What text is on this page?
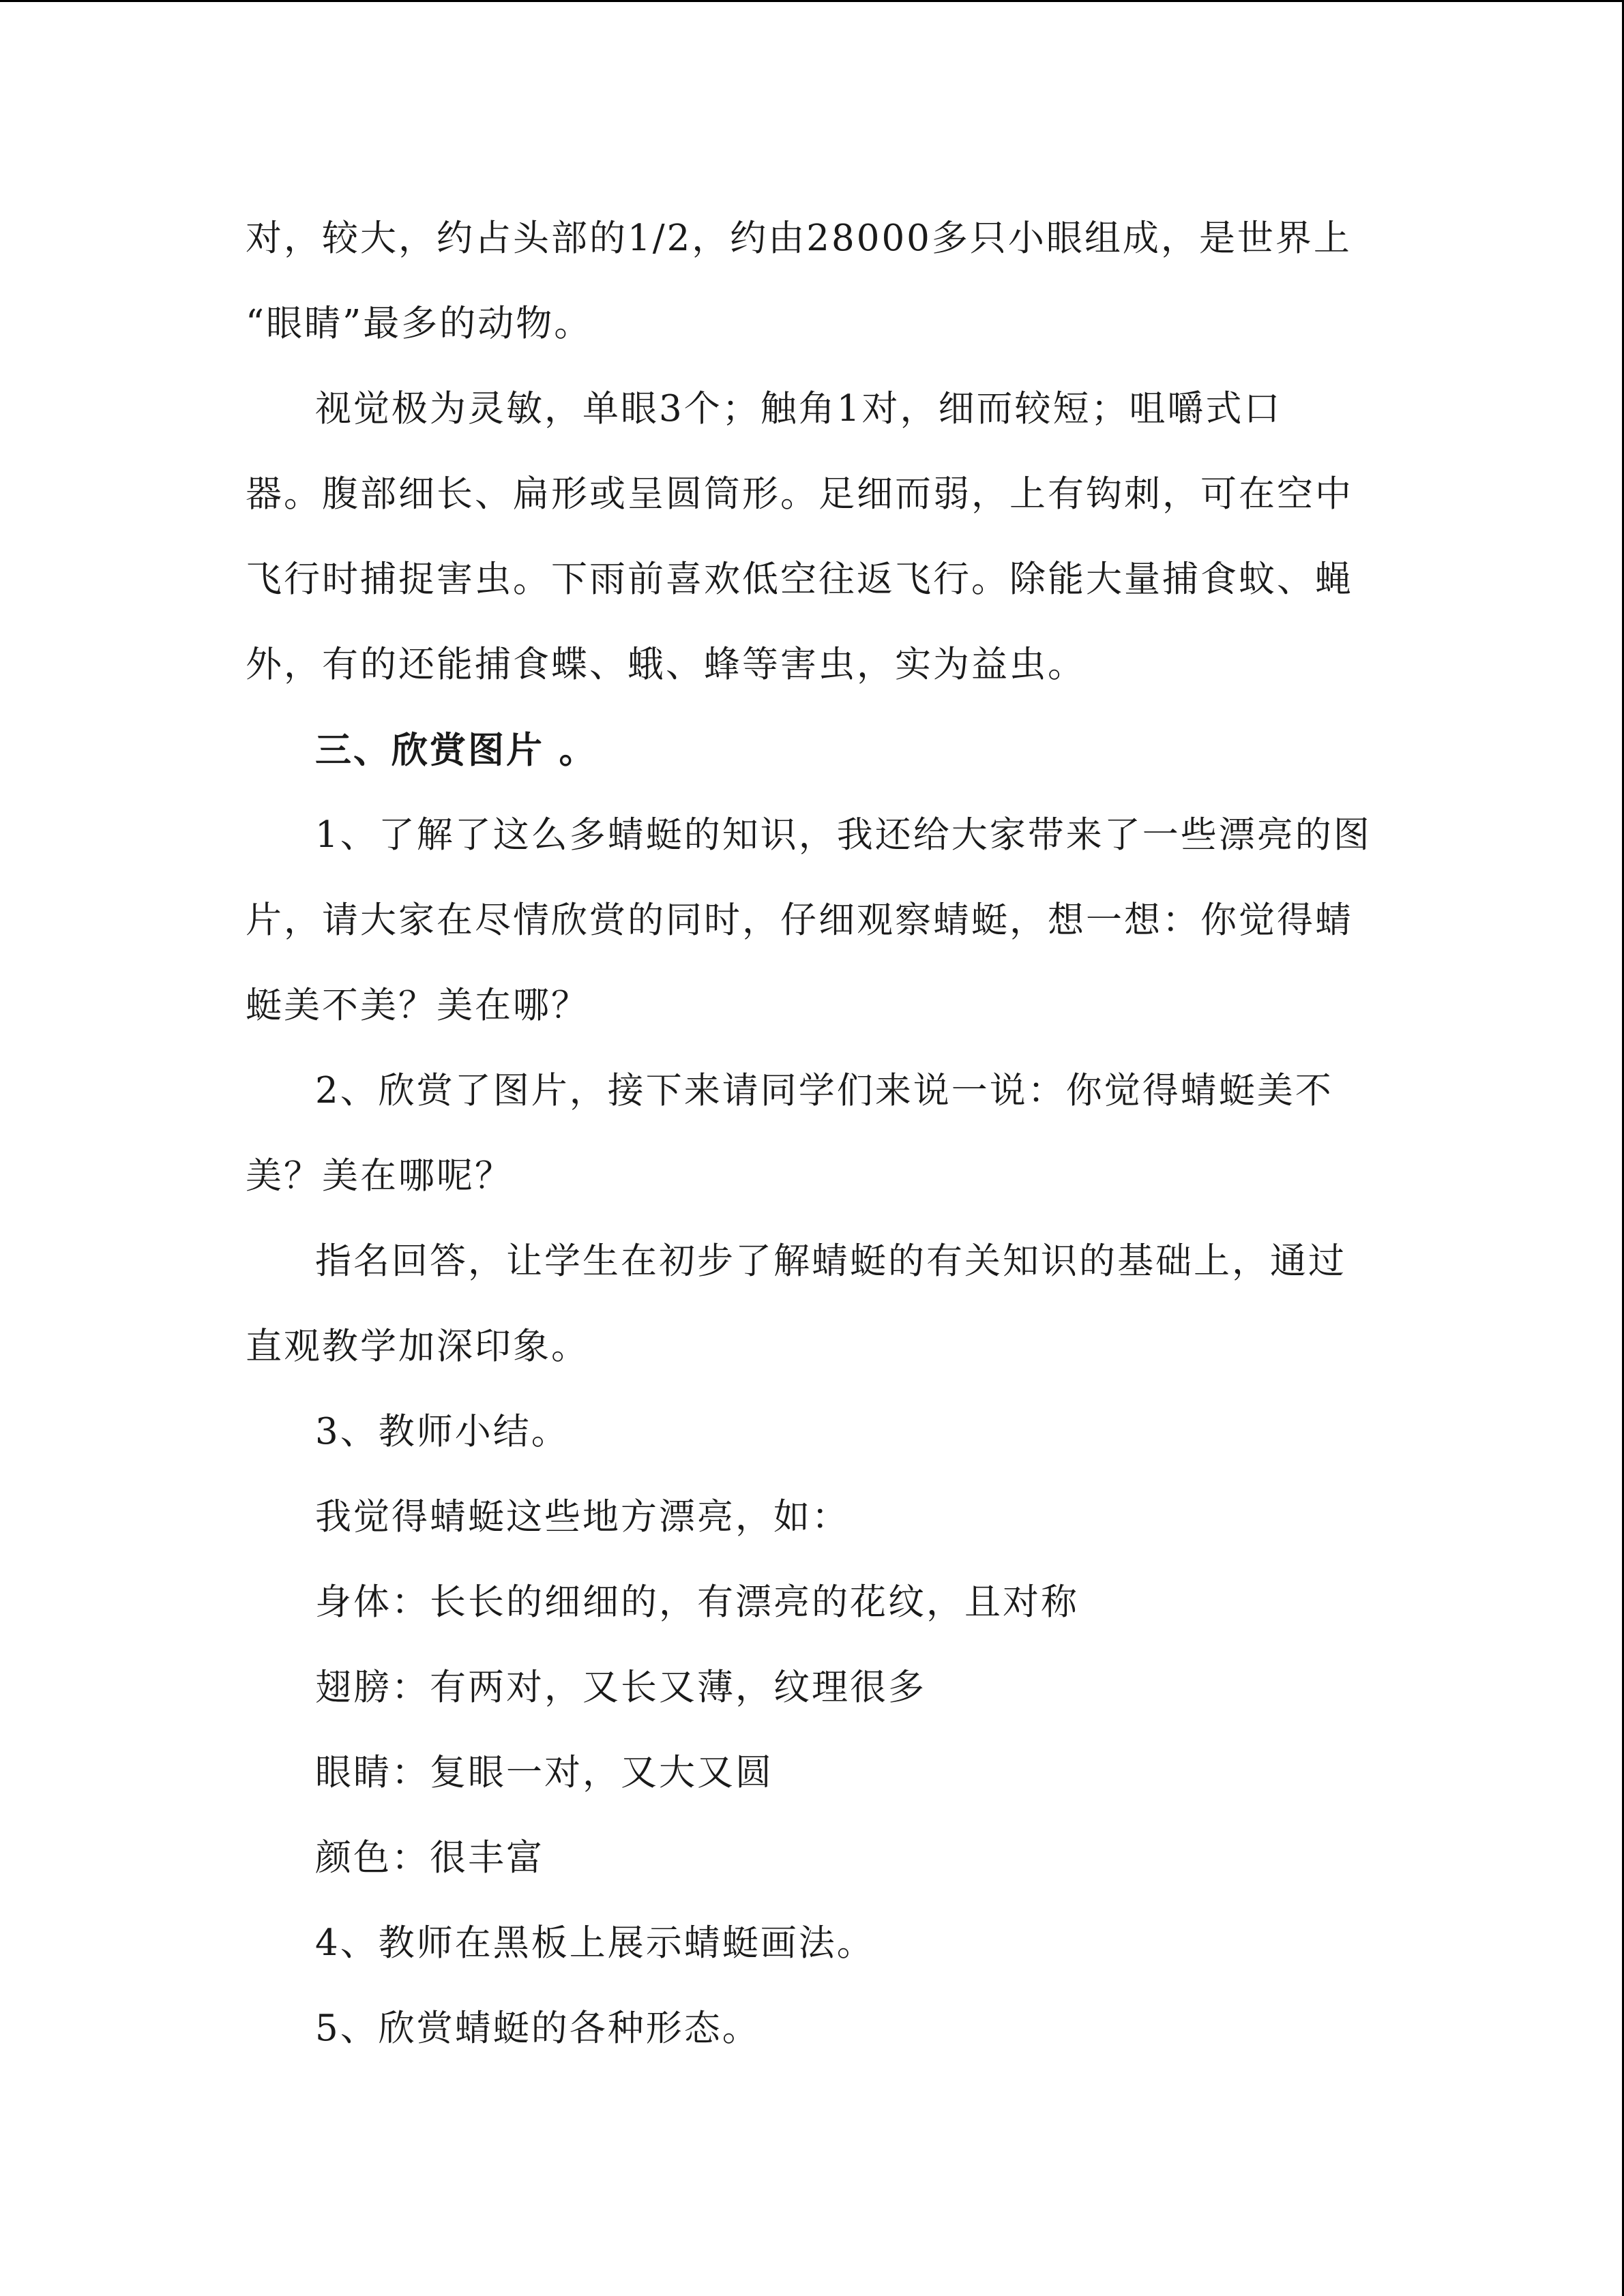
对，较大，约占头部的1/2，约由28000多只小眼组成，是世界上
“眼睛”最多的动物。
视觉极为灵敏，单眼3个；触角1对，细而较短；咀嚼式口
器。腹部细长、扁形或呈圆筒形。足细而弱，上有钩刺，可在空中
飞行时捕捉害虫。下雨前喜欢低空往返飞行。除能大量捕食蚊、蝇
外，有的还能捕食蝶、蛾、蜂等害虫，实为益虫。
三、欣赏图片 。
1、了解了这么多蜻蜓的知识，我还给大家带来了一些漂亮的图
片，请大家在尽情欣赏的同时，仔细观察蜻蜓，想一想：你觉得蜻
蜓美不美？美在哪？
2、欣赏了图片，接下来请同学们来说一说：你觉得蜻蜓美不
美？美在哪呢？
指名回答，让学生在初步了解蜻蜓的有关知识的基础上，通过
直观教学加深印象。
3、教师小结。
我觉得蜻蜓这些地方漂亮，如：
身体：长长的细细的，有漂亮的花纹，且对称
翅膀：有两对，又长又薄，纹理很多
眼睛：复眼一对，又大又圆
颜色：很丰富
4、教师在黑板上展示蜻蜓画法。
5、欣赏蜻蜓的各种形态。
